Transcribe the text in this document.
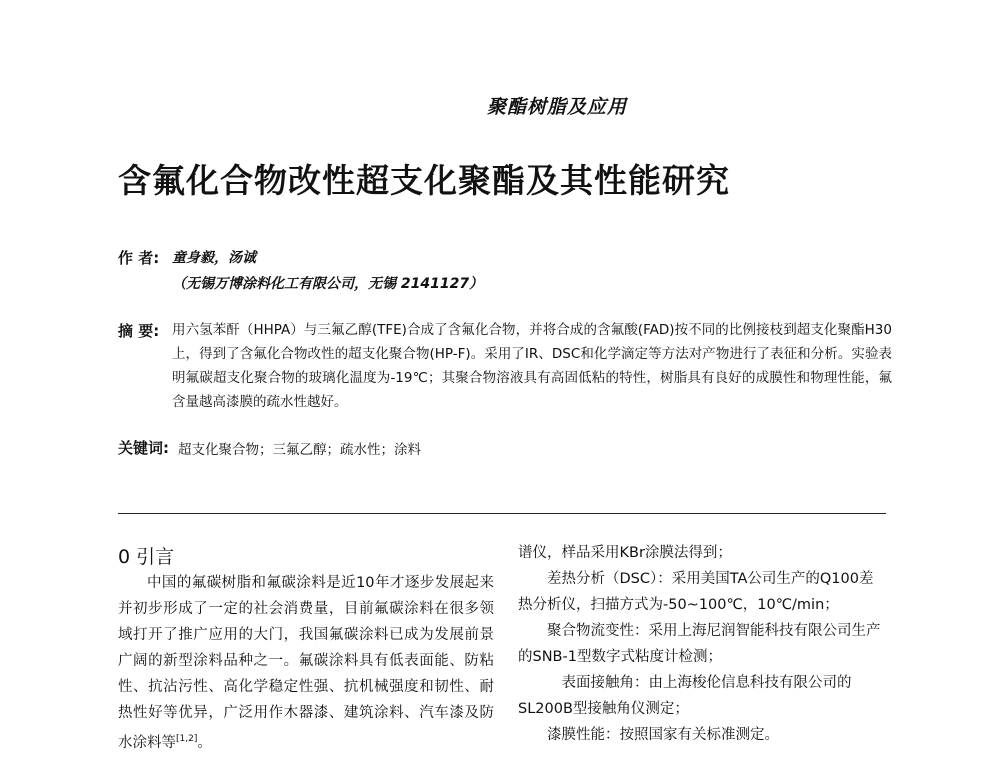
聚酯树脂及应用
含氟化合物改性超支化聚酯及其性能研究
作 者: 童身毅，汤诚
（无锡万博涂料化工有限公司，无锡 2141127）
摘 要: 用六氢苯酐（HHPA）与三氟乙醇(TFE)合成了含氟化合物，并将合成的含氟酸(FAD)按不同的比例接枝到超支化聚酯H30上，得到了含氟化合物改性的超支化聚合物(HP-F)。采用了IR、DSC和化学滴定等方法对产物进行了表征和分析。实验表明氟碳超支化聚合物的玻璃化温度为-19℃；其聚合物溶液具有高固低粘的特性，树脂具有良好的成膜性和物理性能，氟含量越高漆膜的疏水性越好。
关键词: 超支化聚合物；三氟乙醇；疏水性；涂料
0 引言

中国的氟碳树脂和氟碳涂料是近10年才逐步发展起来并初步形成了一定的社会消费量，目前氟碳涂料在很多领域打开了推广应用的大门，我国氟碳涂料已成为发展前景广阔的新型涂料品种之一。氟碳涂料具有低表面能、防粘性、抗沾污性、高化学稳定性强、抗机械强度和韧性、耐热性好等优异，广泛用作木器漆、建筑涂料、汽车漆及防水涂料等[1,2]。

谱仪，样品采用KBr涂膜法得到；

差热分析（DSC）：采用美国TA公司生产的Q100差热分析仪，扫描方式为-50~100℃，10℃/min；

聚合物流变性：采用上海尼润智能科技有限公司生产的SNB-1型数字式粘度计检测；

表面接触角：由上海梭伦信息科技有限公司的SL200B型接触角仪测定；

漆膜性能：按照国家有关标准测定。
